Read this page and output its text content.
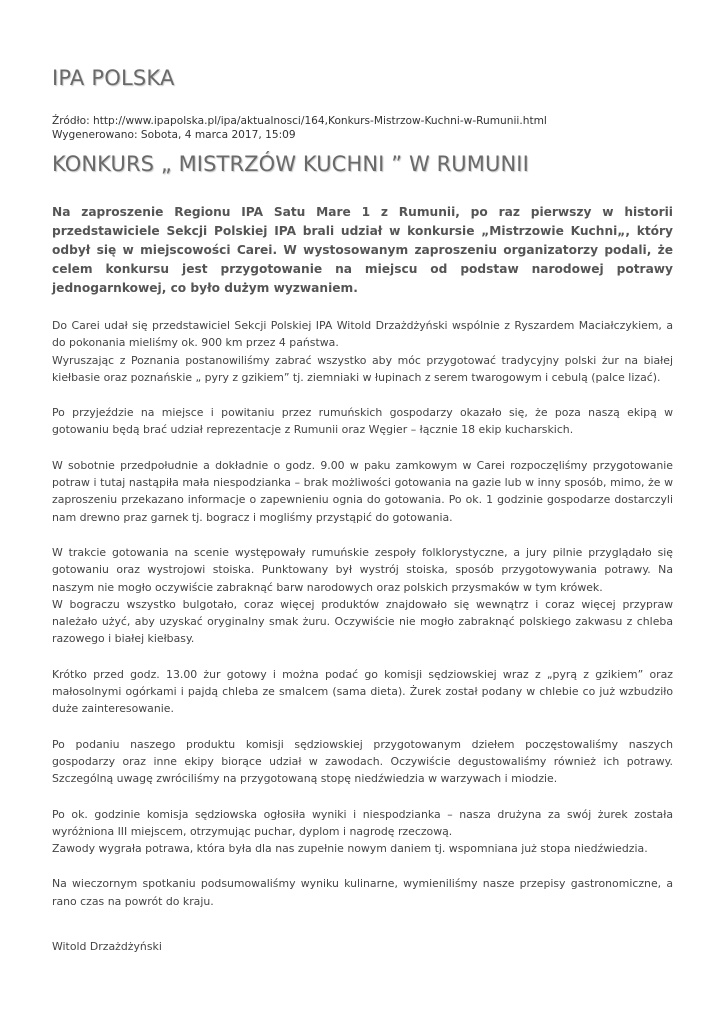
IPA POLSKA
Źródło: http://www.ipapolska.pl/ipa/aktualnosci/164,Konkurs-Mistrzow-Kuchni-w-Rumunii.html
Wygenerowano: Sobota, 4 marca 2017, 15:09
KONKURS „ MISTRZÓW KUCHNI ” W RUMUNII

Na zaproszenie Regionu IPA Satu Mare 1 z Rumunii, po raz pierwszy w historii przedstawiciele Sekcji Polskiej IPA brali udział w konkursie „Mistrzowie Kuchni„, który odbył się w miejscowości Carei. W wystosowanym zaproszeniu organizatorzy podali, że celem konkursu jest przygotowanie na miejscu od podstaw narodowej potrawy jednogarnkowej, co było dużym wyzwaniem.

Do Carei udał się przedstawiciel Sekcji Polskiej IPA Witold Drzażdżyński wspólnie z Ryszardem Maciałczykiem, a do pokonania mieliśmy ok. 900 km przez 4 państwa.
Wyruszając z Poznania postanowiliśmy zabrać wszystko aby móc przygotować tradycyjny polski żur na białej kiełbasie oraz poznańskie „ pyry z gzikiem” tj. ziemniaki w łupinach z serem twarogowym i cebulą (palce lizać).

Po przyjeździe na miejsce i powitaniu przez rumuńskich gospodarzy okazało się, że poza naszą ekipą w gotowaniu będą brać udział reprezentacje z Rumunii oraz Węgier – łącznie 18 ekip kucharskich.

W sobotnie przedpołudnie a dokładnie o godz. 9.00 w paku zamkowym w Carei rozpoczęliśmy przygotowanie potraw i tutaj nastąpiła mała niespodzianka – brak możliwości gotowania na gazie lub w inny sposób, mimo, że w zaproszeniu przekazano informacje o zapewnieniu ognia do gotowania. Po ok. 1 godzinie gospodarze dostarczyli nam drewno praz garnek tj. bogracz i mogliśmy przystąpić do gotowania.

W trakcie gotowania na scenie występowały rumuńskie zespoły folklorystyczne, a jury pilnie przyglądało się gotowaniu oraz wystrojowi stoiska. Punktowany był wystrój stoiska, sposób przygotowywania potrawy. Na naszym nie mogło oczywiście zabraknąć barw narodowych oraz polskich przysmaków w tym krówek.
W bograczu wszystko bulgotało, coraz więcej produktów znajdowało się wewnątrz i coraz więcej przypraw należało użyć, aby uzyskać oryginalny smak żuru. Oczywiście nie mogło zabraknąć polskiego zakwasu z chleba razowego i białej kiełbasy.

Krótko przed godz. 13.00 żur gotowy i można podać go komisji sędziowskiej wraz z „pyrą z gzikiem” oraz małosolnymi ogórkami i pajdą chleba ze smalcem (sama dieta). Żurek został podany w chlebie co już wzbudziło duże zainteresowanie.

Po podaniu naszego produktu komisji sędziowskiej przygotowanym dziełem poczęstowaliśmy naszych gospodarzy oraz inne ekipy biorące udział w zawodach. Oczywiście degustowaliśmy również ich potrawy. Szczególną uwagę zwróciliśmy na przygotowaną stopę niedźwiedzia w warzywach i miodzie.

Po ok. godzinie komisja sędziowska ogłosiła wyniki i niespodzianka – nasza drużyna za swój żurek została wyróżniona III miejscem, otrzymując puchar, dyplom i nagrodę rzeczową.
Zawody wygrała potrawa, która była dla nas zupełnie nowym daniem tj. wspomniana już stopa niedźwiedzia.

Na wieczornym spotkaniu podsumowaliśmy wyniku kulinarne, wymieniliśmy nasze przepisy gastronomiczne, a rano czas na powrót do kraju.

Witold Drzażdżyński
